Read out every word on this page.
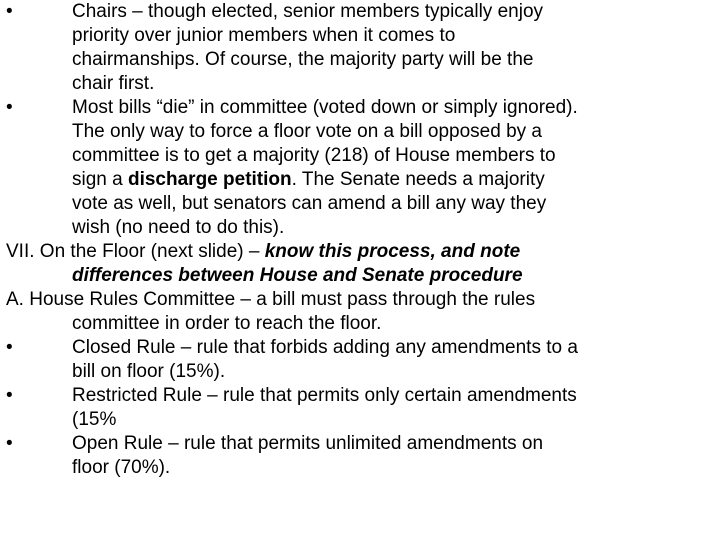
•	Chairs – though elected, senior members typically enjoy
priority over junior members when it comes to
chairmanships. Of course, the majority party will be the
chair first.
•	Most bills “die” in committee (voted down or simply ignored).
The only way to force a floor vote on a bill opposed by a
committee is to get a majority (218) of House members to
sign a discharge petition. The Senate needs a majority
vote as well, but senators can amend a bill any way they
wish (no need to do this).
VII. On the Floor (next slide) – know this process, and note
differences between House and Senate procedure
A. House Rules Committee – a bill must pass through the rules
committee in order to reach the floor.
•	Closed Rule – rule that forbids adding any amendments to a
bill on floor (15%).
•	Restricted Rule – rule that permits only certain amendments
(15%
•	Open Rule – rule that permits unlimited amendments on
floor (70%).
